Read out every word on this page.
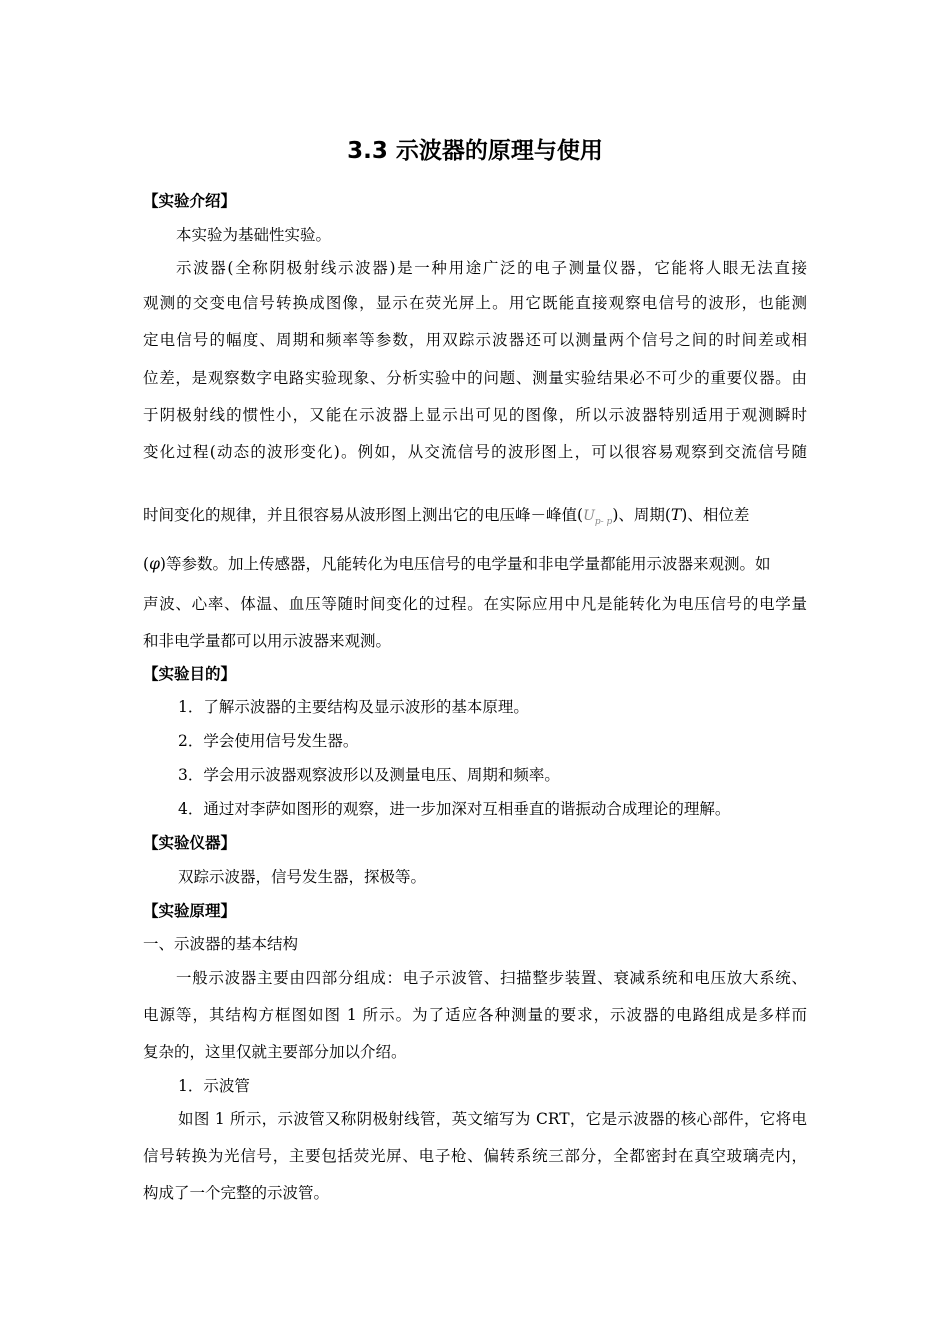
3.3 示波器的原理与使用
【实验介绍】
本实验为基础性实验。
示波器(全称阴极射线示波器)是一种用途广泛的电子测量仪器，它能将人眼无法直接
观测的交变电信号转换成图像，显示在荧光屏上。用它既能直接观察电信号的波形，也能测
定电信号的幅度、周期和频率等参数，用双踪示波器还可以测量两个信号之间的时间差或相
位差，是观察数字电路实验现象、分析实验中的问题、测量实验结果必不可少的重要仪器。由
于阴极射线的惯性小，又能在示波器上显示出可见的图像，所以示波器特别适用于观测瞬时
变化过程(动态的波形变化)。例如，从交流信号的波形图上，可以很容易观察到交流信号随
时间变化的规律，并且很容易从波形图上测出它的电压峰－峰值$(U_{p- p})$、周期(T)、相位差
(φ)等参数。加上传感器，凡能转化为电压信号的电学量和非电学量都能用示波器来观测。如
声波、心率、体温、血压等随时间变化的过程。在实际应用中凡是能转化为电压信号的电学量
和非电学量都可以用示波器来观测。
【实验目的】
1．了解示波器的主要结构及显示波形的基本原理。
2．学会使用信号发生器。
3．学会用示波器观察波形以及测量电压、周期和频率。
4．通过对李萨如图形的观察，进一步加深对互相垂直的谐振动合成理论的理解。
【实验仪器】
双踪示波器，信号发生器，探极等。
【实验原理】
一、示波器的基本结构
一般示波器主要由四部分组成：电子示波管、扫描整步装置、衰减系统和电压放大系统、
电源等，其结构方框图如图 1 所示。为了适应各种测量的要求，示波器的电路组成是多样而
复杂的，这里仅就主要部分加以介绍。
1．示波管
如图 1 所示，示波管又称阴极射线管，英文缩写为 CRT，它是示波器的核心部件，它将电
信号转换为光信号，主要包括荧光屏、电子枪、偏转系统三部分，全都密封在真空玻璃壳内，
构成了一个完整的示波管。
